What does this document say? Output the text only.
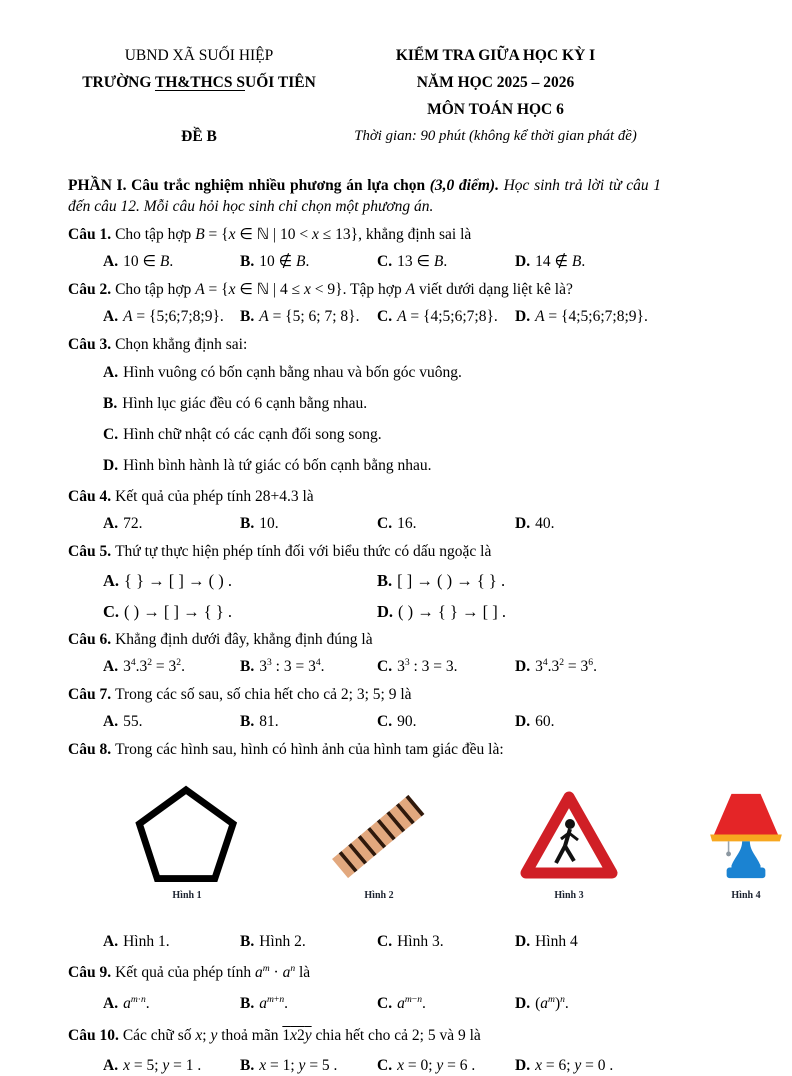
UBND XÃ SUỐI HIỆP
TRƯỜNG TH&THCS SUỐI TIÊN
ĐỀ B
KIỂM TRA GIỮA HỌC KỲ I
NĂM HỌC 2025 – 2026
MÔN TOÁN HỌC 6
Thời gian: 90 phút (không kể thời gian phát đề)
PHẦN I. Câu trắc nghiệm nhiều phương án lựa chọn (3,0 điểm). Học sinh trả lời từ câu 1 đến câu 12. Mỗi câu hỏi học sinh chỉ chọn một phương án.
Câu 1. Cho tập hợp B = {x ∈ ℕ | 10 < x ≤ 13}, khẳng định sai là
A. 10 ∈ B.	B. 10 ∉ B.	C. 13 ∈ B.	D. 14 ∉ B.
Câu 2. Cho tập hợp A = {x ∈ ℕ | 4 ≤ x < 9}. Tập hợp A viết dưới dạng liệt kê là?
A. A = {5;6;7;8;9}.	B. A = {5; 6; 7; 8}.	C. A = {4;5;6;7;8}.	D. A = {4;5;6;7;8;9}.
Câu 3. Chọn khẳng định sai:
A. Hình vuông có bốn cạnh bằng nhau và bốn góc vuông.
B. Hình lục giác đều có 6 cạnh bằng nhau.
C. Hình chữ nhật có các cạnh đối song song.
D. Hình bình hành là tứ giác có bốn cạnh bằng nhau.
Câu 4. Kết quả của phép tính 28+4.3 là
A. 72.	B. 10.	C. 16.	D. 40.
Câu 5. Thứ tự thực hiện phép tính đối với biểu thức có dấu ngoặc là
A. { } → [ ] → ( ) .	B. [ ] → ( ) → { } .
C. ( ) → [ ] → { } .	D. ( ) → { } → [ ] .
Câu 6. Khẳng định dưới đây, khẳng định đúng là
A. $3^4.3^2 = 3^2$.	B. $3^3$ : $3 = 3^4$.	C. $3^3$ : 3 = 3.	D. $3^4.3^2 = 3^6$.
Câu 7. Trong các số sau, số chia hết cho cả 2; 3; 5; 9 là
A. 55.	B. 81.	C. 90.	D. 60.
Câu 8. Trong các hình sau, hình có hình ảnh của hình tam giác đều là:
Hình 1	Hình 2	Hình 3	Hình 4
A. Hình 1.	B. Hình 2.	C. Hình 3.	D. Hình 4
Câu 9. Kết quả của phép tính $a^m \cdot a^n$ là
A. $a^{m\cdot n}$.	B. $a^{m+n}$.	C. $a^{m-n}$.	D. $(a^m)^n$.
Câu 10. Các chữ số x; y thoả mãn 1x2y chia hết cho cả 2; 5 và 9 là
A. x = 5; y = 1 .	B. x = 1; y = 5 .	C. x = 0; y = 6 .	D. x = 6; y = 0 .
